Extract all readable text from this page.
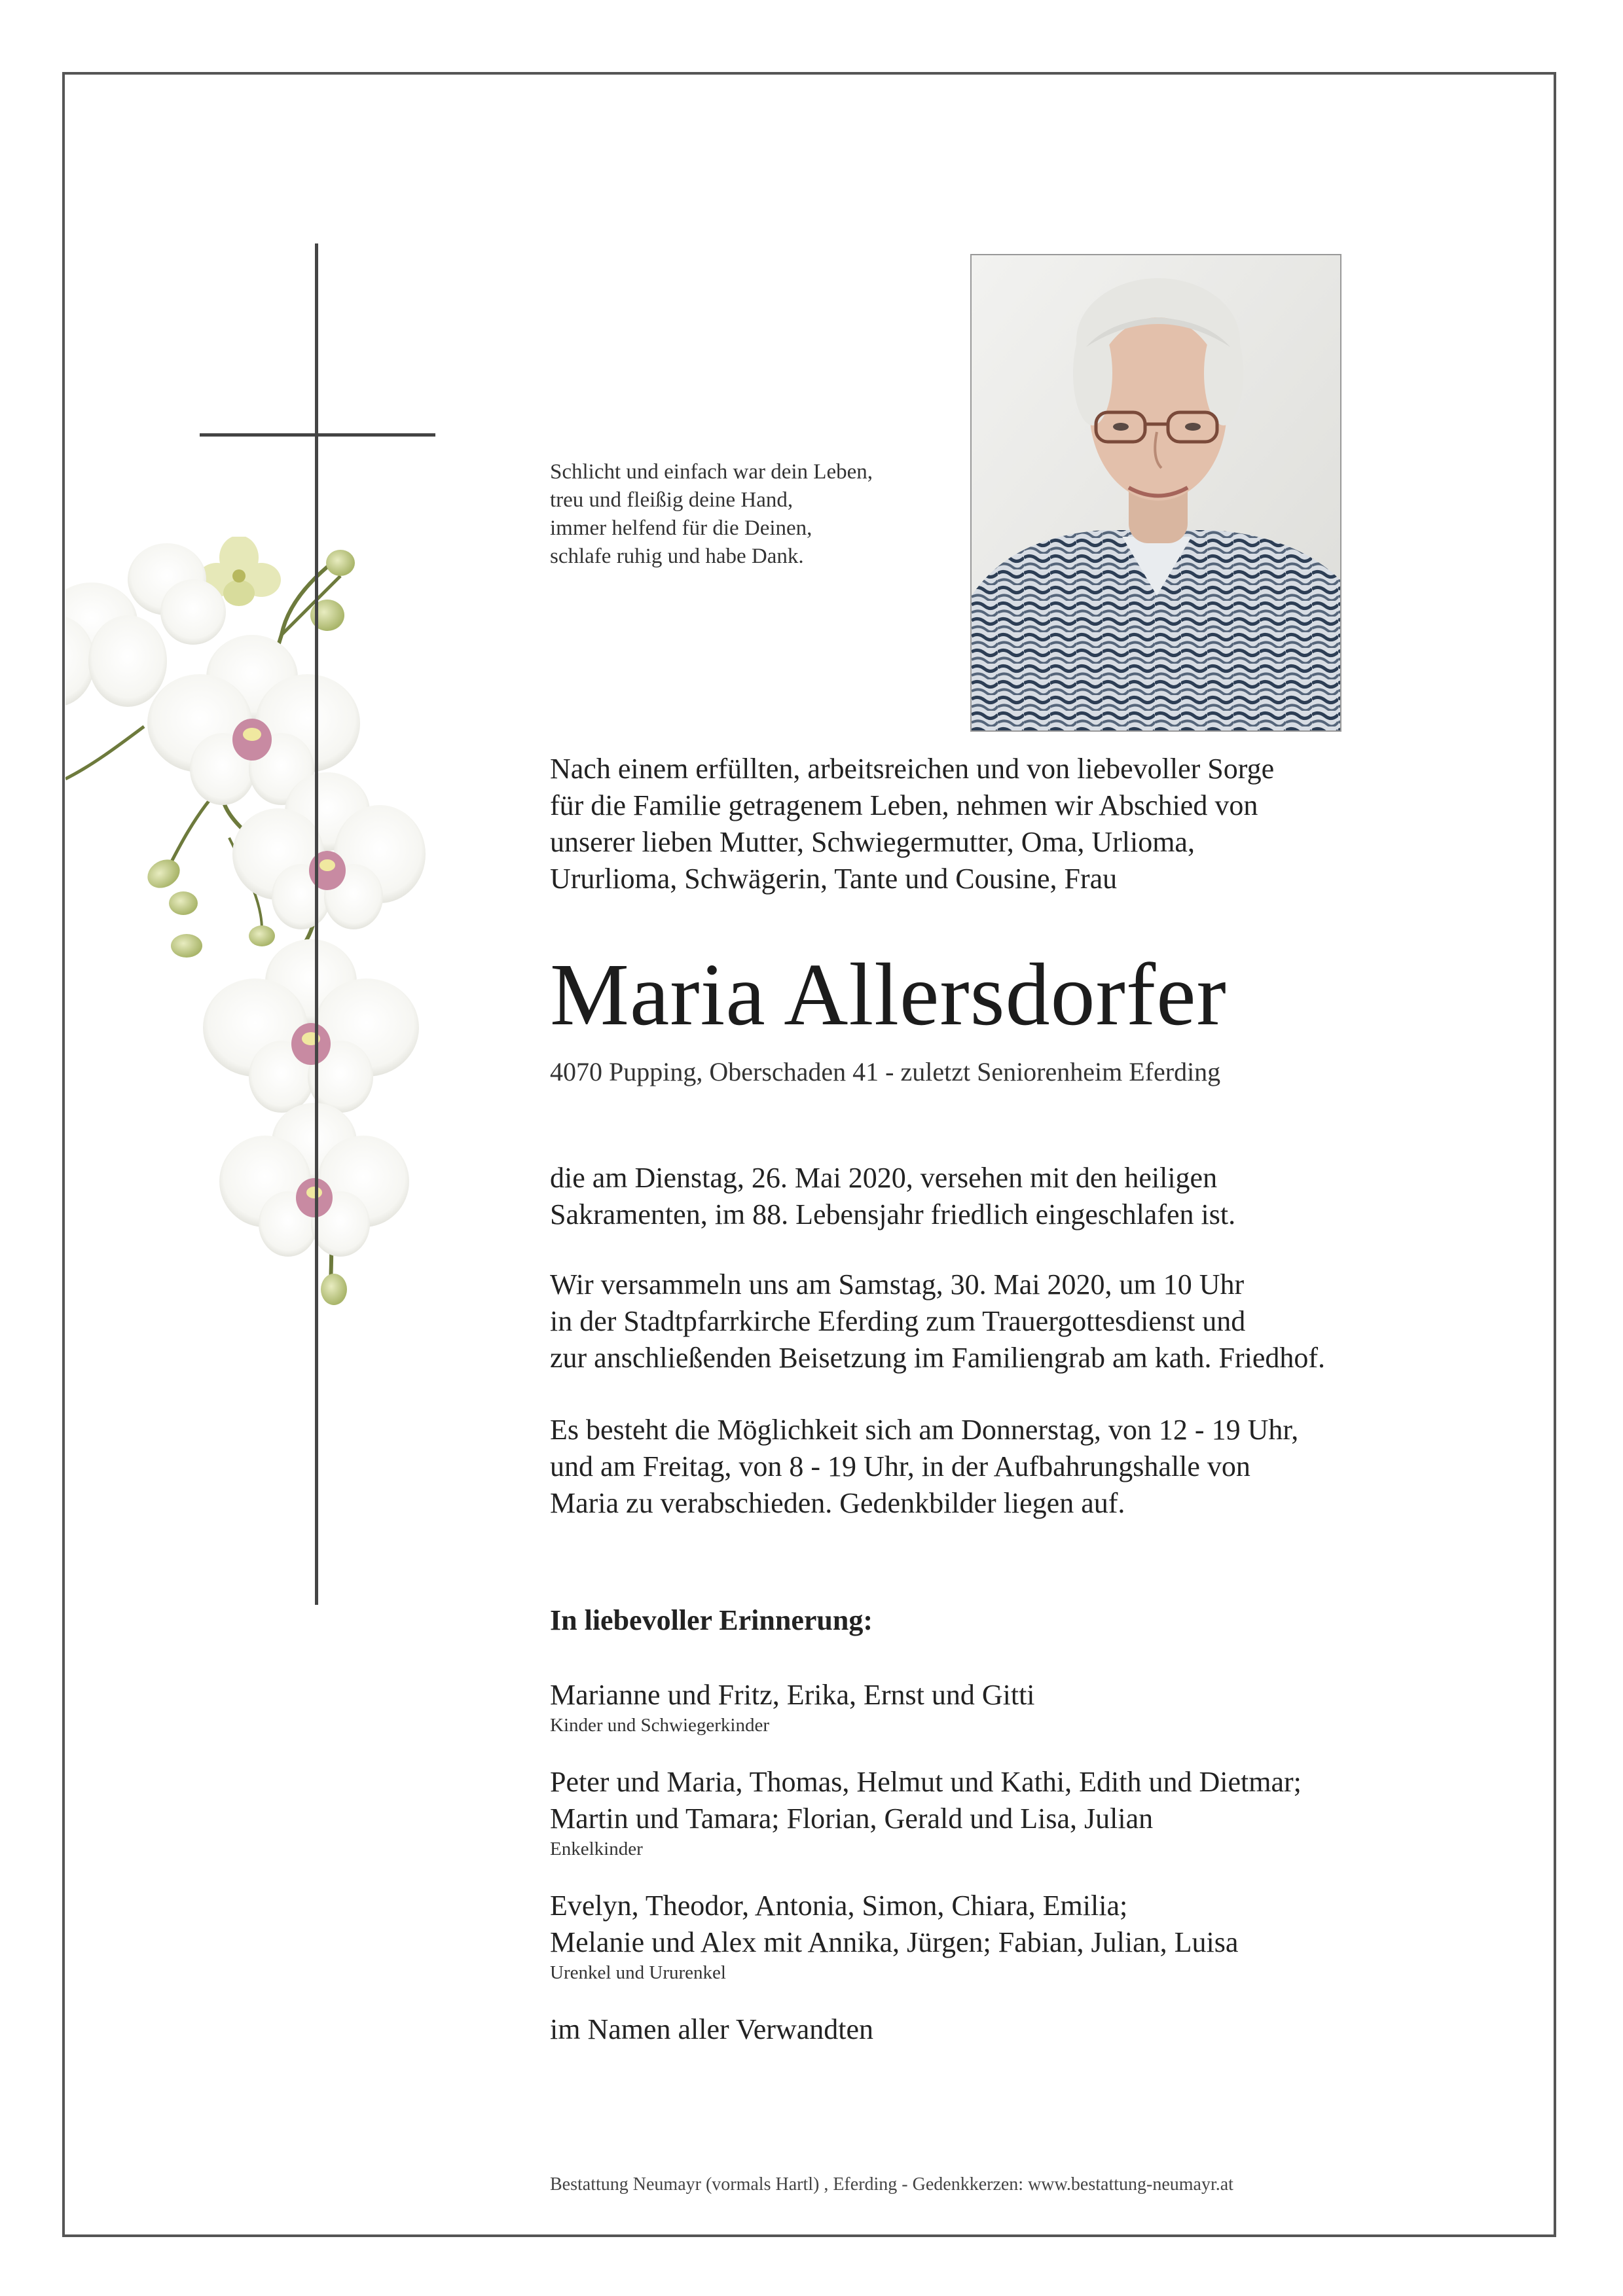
Schlicht und einfach war dein Leben,
treu und fleißig deine Hand,
immer helfend für die Deinen,
schlafe ruhig und habe Dank.
Nach einem erfüllten, arbeitsreichen und von liebevoller Sorge
für die Familie getragenem Leben, nehmen wir Abschied von
unserer lieben Mutter, Schwiegermutter, Oma, Urlioma,
Ururlioma, Schwägerin, Tante und Cousine, Frau
Maria Allersdorfer
4070 Pupping, Oberschaden 41 - zuletzt Seniorenheim Eferding
die am Dienstag, 26. Mai 2020, versehen mit den heiligen
Sakramenten, im 88. Lebensjahr friedlich eingeschlafen ist.
Wir versammeln uns am Samstag, 30. Mai 2020, um 10 Uhr
in der Stadtpfarrkirche Eferding zum Trauergottesdienst und
zur anschließenden Beisetzung im Familiengrab am kath. Friedhof.
Es besteht die Möglichkeit sich am Donnerstag, von 12 - 19 Uhr,
und am Freitag, von 8 - 19 Uhr, in der Aufbahrungshalle von
Maria zu verabschieden. Gedenkbilder liegen auf.
In liebevoller Erinnerung:
Marianne und Fritz, Erika, Ernst und Gitti
Kinder und Schwiegerkinder
Peter und Maria, Thomas, Helmut und Kathi, Edith und Dietmar;
Martin und Tamara; Florian, Gerald und Lisa, Julian
Enkelkinder
Evelyn, Theodor, Antonia, Simon, Chiara, Emilia;
Melanie und Alex mit Annika, Jürgen; Fabian, Julian, Luisa
Urenkel und Ururenkel
im Namen aller Verwandten
Bestattung Neumayr (vormals Hartl) , Eferding - Gedenkkerzen: www.bestattung-neumayr.at
